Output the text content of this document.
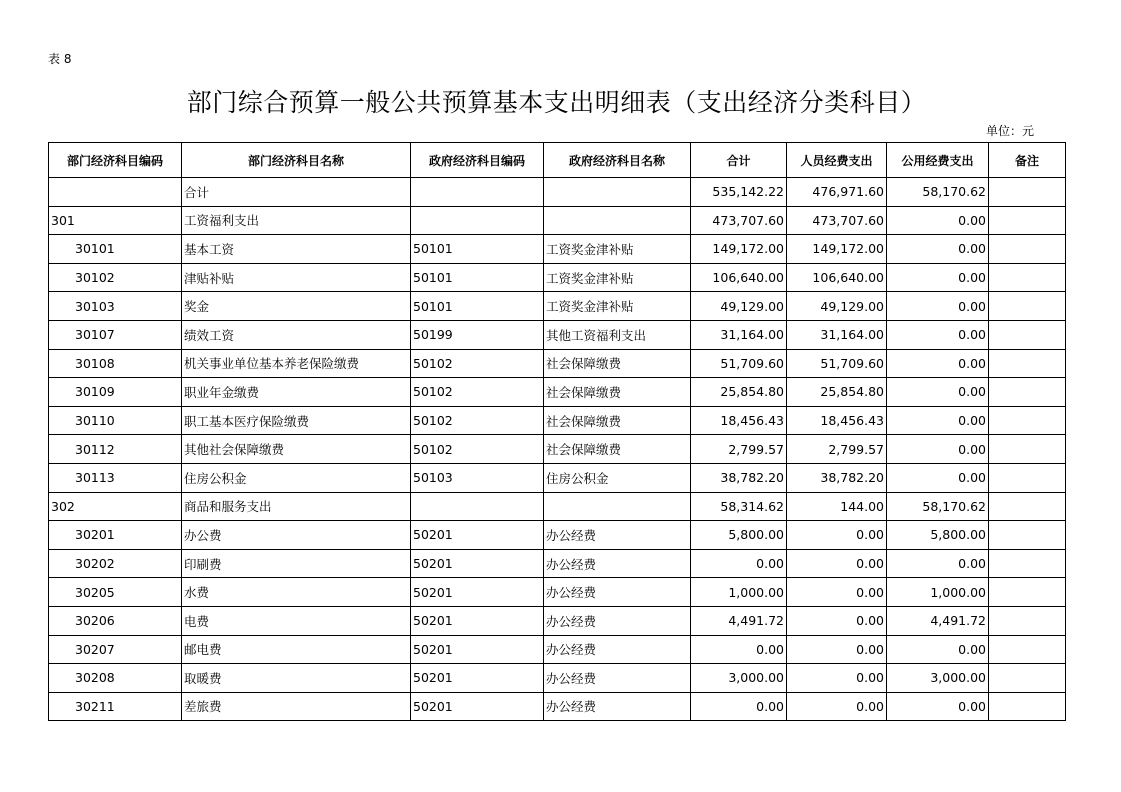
表 8
部门综合预算一般公共预算基本支出明细表（支出经济分类科目）
单位：元
部门经济科目编码	部门经济科目名称	政府经济科目编码	政府经济科目名称	合计	人员经费支出	公用经费支出	备注
	合计			535,142.22	476,971.60	58,170.62	
301	工资福利支出			473,707.60	473,707.60	0.00	
30101	基本工资	50101	工资奖金津补贴	149,172.00	149,172.00	0.00	
30102	津贴补贴	50101	工资奖金津补贴	106,640.00	106,640.00	0.00	
30103	奖金	50101	工资奖金津补贴	49,129.00	49,129.00	0.00	
30107	绩效工资	50199	其他工资福利支出	31,164.00	31,164.00	0.00	
30108	机关事业单位基本养老保险缴费	50102	社会保障缴费	51,709.60	51,709.60	0.00	
30109	职业年金缴费	50102	社会保障缴费	25,854.80	25,854.80	0.00	
30110	职工基本医疗保险缴费	50102	社会保障缴费	18,456.43	18,456.43	0.00	
30112	其他社会保障缴费	50102	社会保障缴费	2,799.57	2,799.57	0.00	
30113	住房公积金	50103	住房公积金	38,782.20	38,782.20	0.00	
302	商品和服务支出			58,314.62	144.00	58,170.62	
30201	办公费	50201	办公经费	5,800.00	0.00	5,800.00	
30202	印刷费	50201	办公经费	0.00	0.00	0.00	
30205	水费	50201	办公经费	1,000.00	0.00	1,000.00	
30206	电费	50201	办公经费	4,491.72	0.00	4,491.72	
30207	邮电费	50201	办公经费	0.00	0.00	0.00	
30208	取暖费	50201	办公经费	3,000.00	0.00	3,000.00	
30211	差旅费	50201	办公经费	0.00	0.00	0.00	
